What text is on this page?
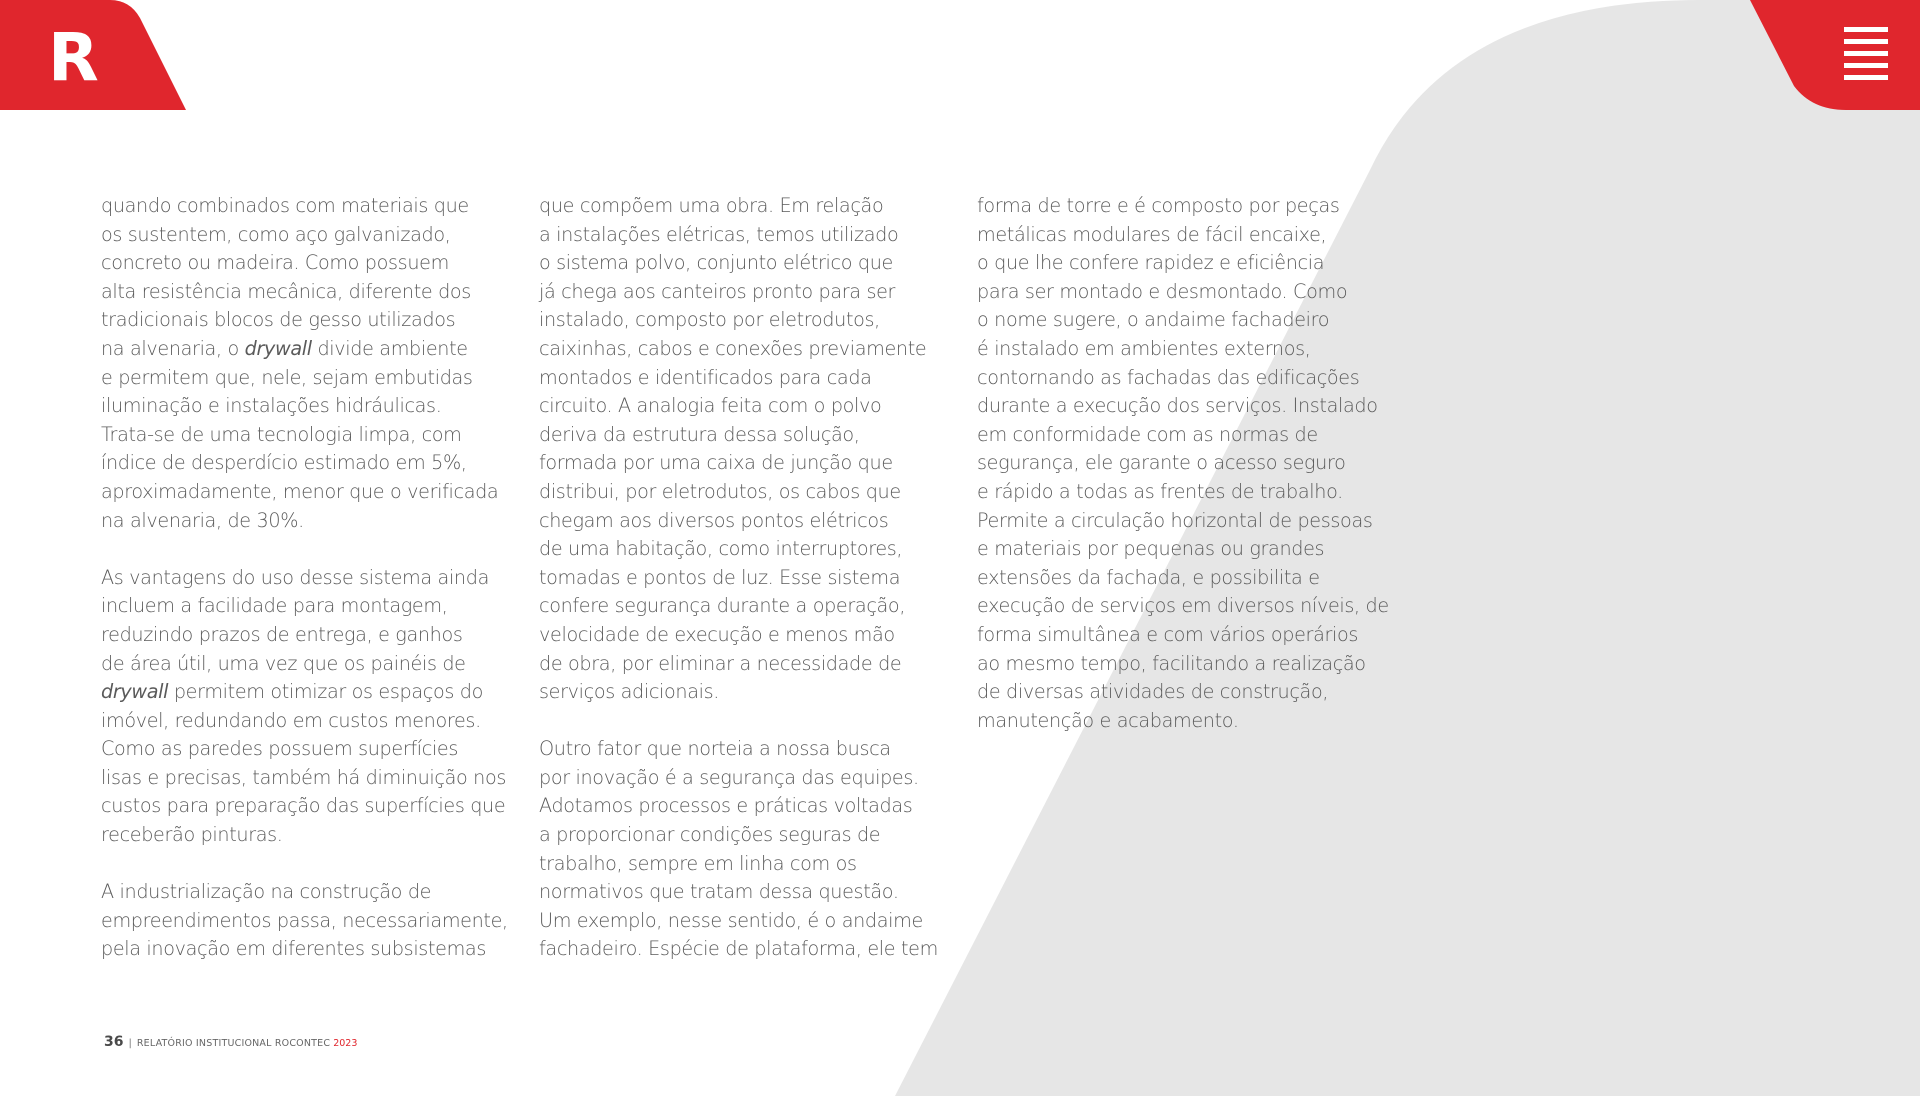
R

quando combinados com materiais que
os sustentem, como aço galvanizado,
concreto ou madeira. Como possuem
alta resistência mecânica, diferente dos
tradicionais blocos de gesso utilizados
na alvenaria, o drywall divide ambiente
e permitem que, nele, sejam embutidas
iluminação e instalações hidráulicas.
Trata-se de uma tecnologia limpa, com
índice de desperdício estimado em 5%,
aproximadamente, menor que o verificada
na alvenaria, de 30%.

As vantagens do uso desse sistema ainda
incluem a facilidade para montagem,
reduzindo prazos de entrega, e ganhos
de área útil, uma vez que os painéis de
drywall permitem otimizar os espaços do
imóvel, redundando em custos menores.
Como as paredes possuem superfícies
lisas e precisas, também há diminuição nos
custos para preparação das superfícies que
receberão pinturas.

A industrialização na construção de
empreendimentos passa, necessariamente,
pela inovação em diferentes subsistemas

que compõem uma obra. Em relação
a instalações elétricas, temos utilizado
o sistema polvo, conjunto elétrico que
já chega aos canteiros pronto para ser
instalado, composto por eletrodutos,
caixinhas, cabos e conexões previamente
montados e identificados para cada
circuito. A analogia feita com o polvo
deriva da estrutura dessa solução,
formada por uma caixa de junção que
distribui, por eletrodutos, os cabos que
chegam aos diversos pontos elétricos
de uma habitação, como interruptores,
tomadas e pontos de luz. Esse sistema
confere segurança durante a operação,
velocidade de execução e menos mão
de obra, por eliminar a necessidade de
serviços adicionais.

Outro fator que norteia a nossa busca
por inovação é a segurança das equipes.
Adotamos processos e práticas voltadas
a proporcionar condições seguras de
trabalho, sempre em linha com os
normativos que tratam dessa questão.
Um exemplo, nesse sentido, é o andaime
fachadeiro. Espécie de plataforma, ele tem

forma de torre e é composto por peças
metálicas modulares de fácil encaixe,
o que lhe confere rapidez e eficiência
para ser montado e desmontado. Como
o nome sugere, o andaime fachadeiro
é instalado em ambientes externos,
contornando as fachadas das edificações
durante a execução dos serviços. Instalado
em conformidade com as normas de
segurança, ele garante o acesso seguro
e rápido a todas as frentes de trabalho.
Permite a circulação horizontal de pessoas
e materiais por pequenas ou grandes
extensões da fachada, e possibilita e
execução de serviços em diversos níveis, de
forma simultânea e com vários operários
ao mesmo tempo, facilitando a realização
de diversas atividades de construção,
manutenção e acabamento.

36 | RELATÓRIO INSTITUCIONAL ROCONTEC 2023
